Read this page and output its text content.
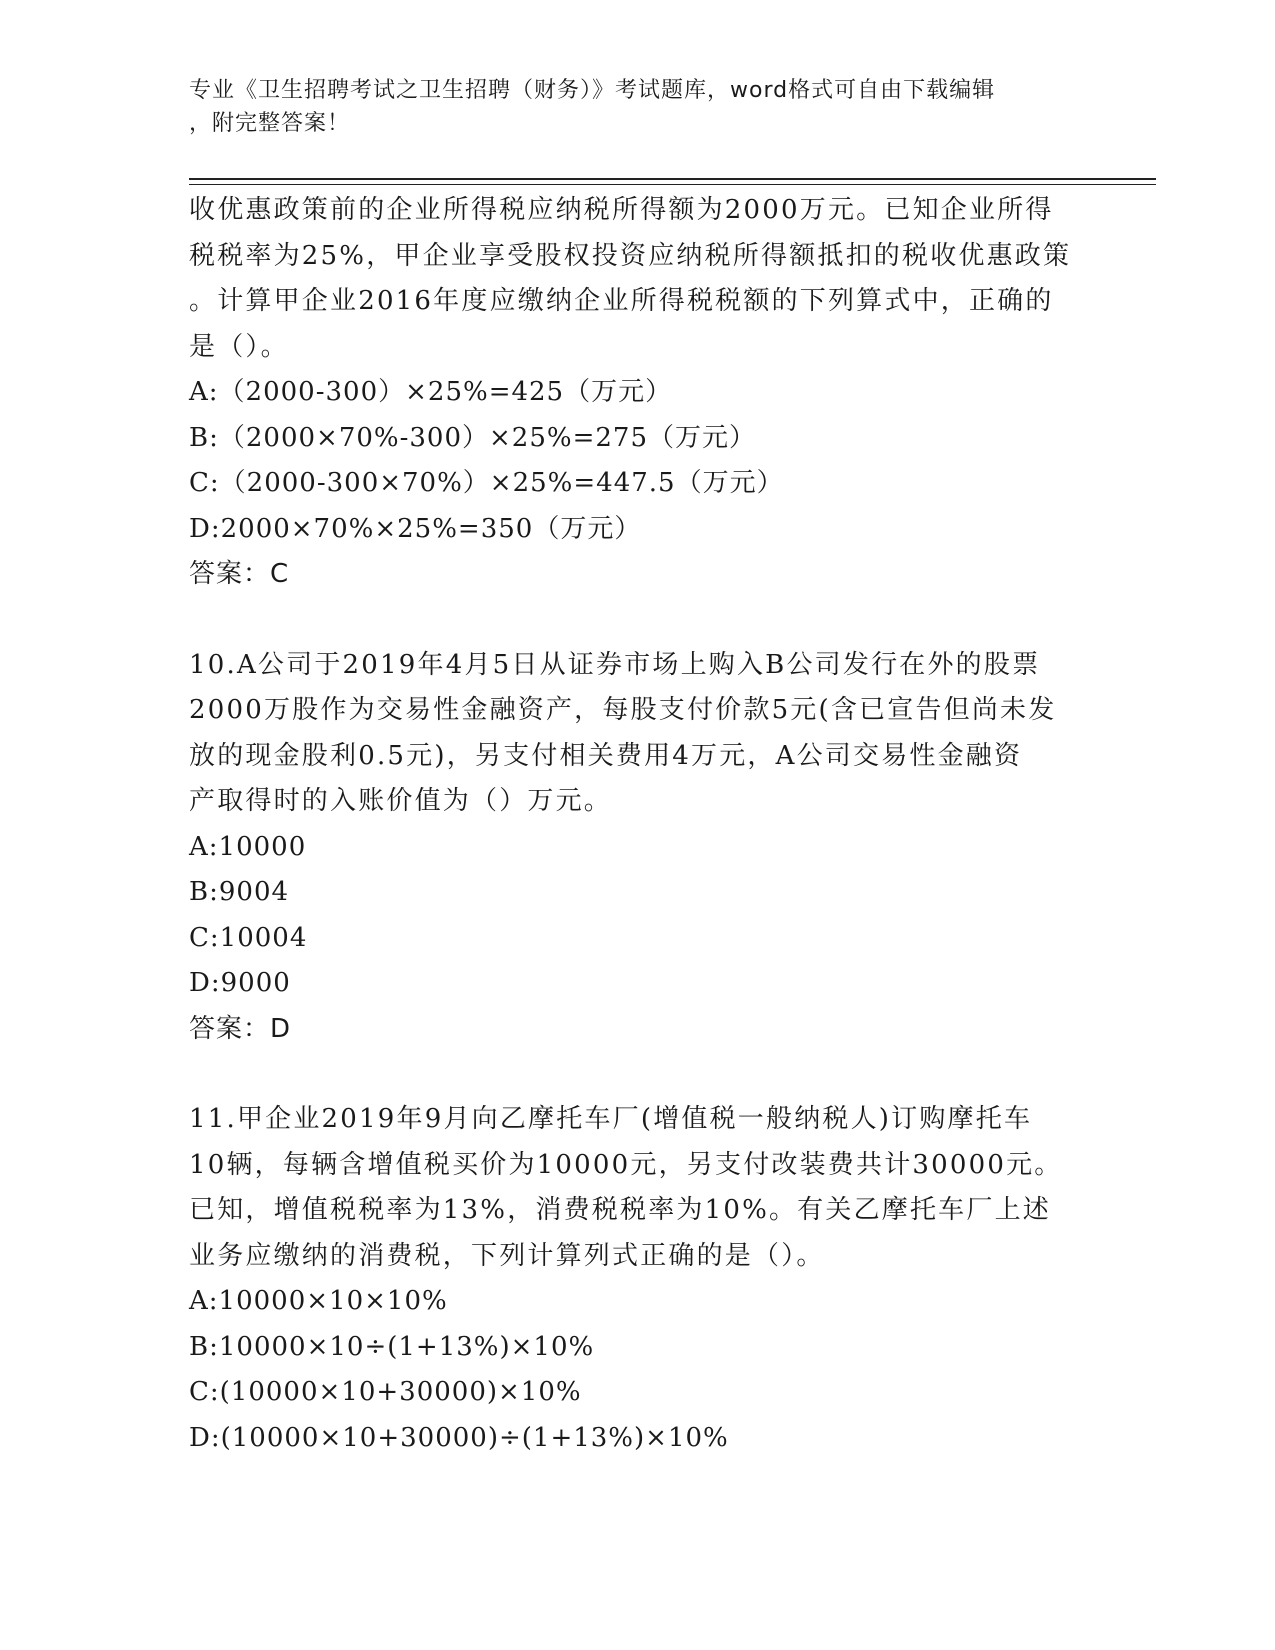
专业《卫生招聘考试之卫生招聘（财务）》考试题库，word格式可自由下载编辑
，附完整答案！

收优惠政策前的企业所得税应纳税所得额为2000万元。已知企业所得

税税率为25%，甲企业享受股权投资应纳税所得额抵扣的税收优惠政策

。计算甲企业2016年度应缴纳企业所得税税额的下列算式中，正确的

是（）。

A:（2000-300）×25%=425（万元）

B:（2000×70%-300）×25%=275（万元）

C:（2000-300×70%）×25%=447.5（万元）

D:2000×70%×25%=350（万元）

答案：C

10.A公司于2019年4月5日从证券市场上购入B公司发行在外的股票

2000万股作为交易性金融资产，每股支付价款5元(含已宣告但尚未发

放的现金股利0.5元)，另支付相关费用4万元，A公司交易性金融资

产取得时的入账价值为（）万元。

A:10000

B:9004

C:10004

D:9000

答案：D

11.甲企业2019年9月向乙摩托车厂(增值税一般纳税人)订购摩托车

10辆，每辆含增值税买价为10000元，另支付改装费共计30000元。

已知，增值税税率为13%，消费税税率为10%。有关乙摩托车厂上述

业务应缴纳的消费税，下列计算列式正确的是（）。

A:10000×10×10%

B:10000×10÷(1+13%)×10%

C:(10000×10+30000)×10%

D:(10000×10+30000)÷(1+13%)×10%
